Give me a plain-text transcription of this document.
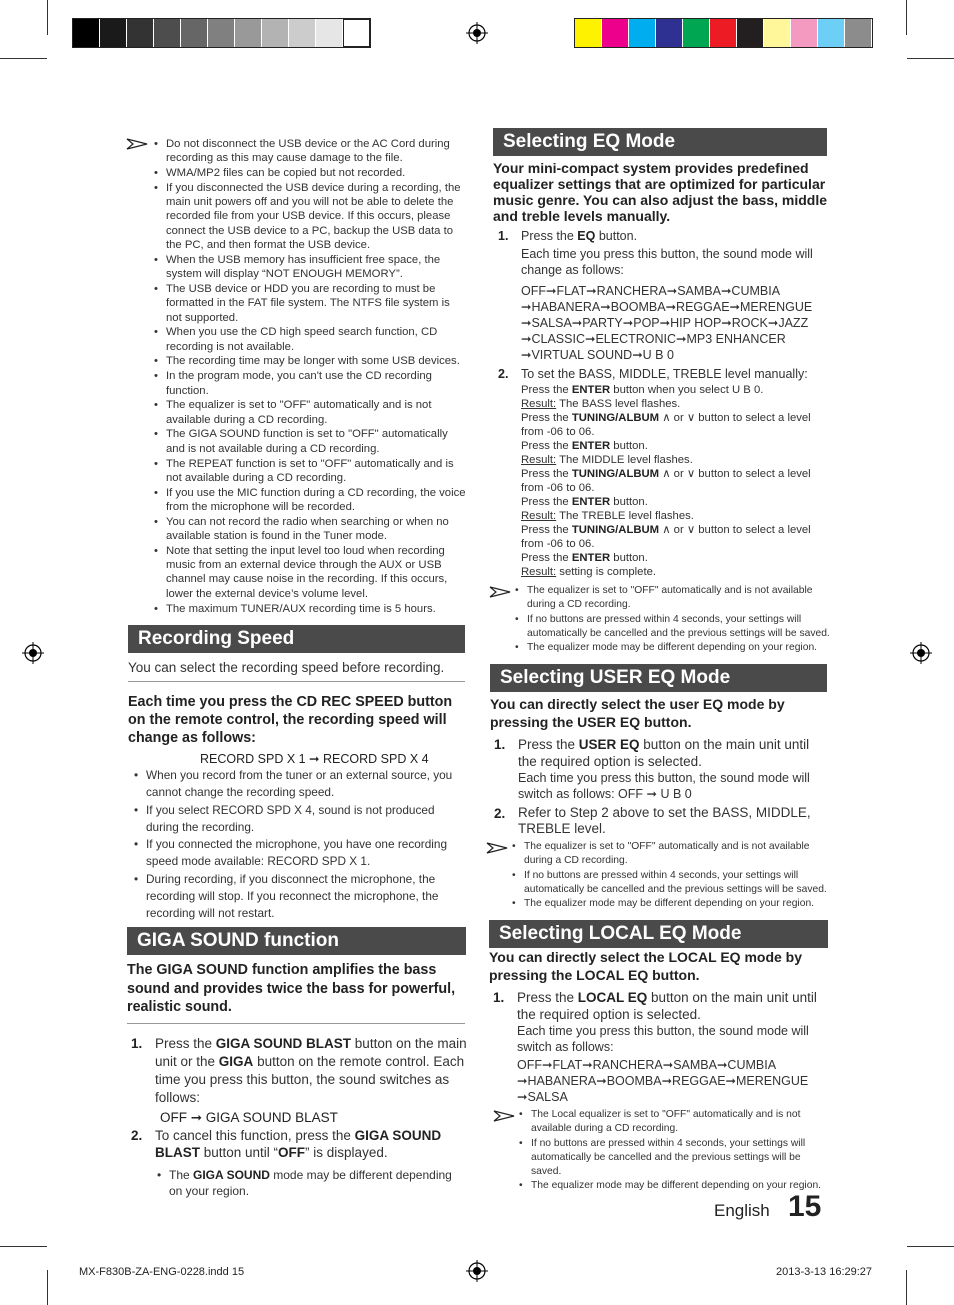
• Do not disconnect the USB device or the AC Cord during recording as this may cause damage to the file.
• WMA/MP2 files can be copied but not recorded.
• If you disconnected the USB device during a recording, the main unit powers off and you will not be able to delete the recorded file from your USB device. If this occurs, please connect the USB device to a PC, backup the USB data to the PC, and then format the USB device.
• When the USB memory has insufficient free space, the system will display “NOT ENOUGH MEMORY”.
• The USB device or HDD you are recording to must be formatted in the FAT file system. The NTFS file system is not supported.
• When you use the CD high speed search function, CD recording is not available.
• The recording time may be longer with some USB devices.
• In the program mode, you can't use the CD recording function.
• The equalizer is set to "OFF" automatically and is not available during a CD recording.
• The GIGA SOUND function is set to "OFF" automatically and is not available during a CD recording.
• The REPEAT function is set to "OFF" automatically and is not available during a CD recording.
• If you use the MIC function during a CD recording, the voice from the microphone will be recorded.
• You can not record the radio when searching or when no available station is found in the Tuner mode.
• Note that setting the input level too loud when recording music from an external device through the AUX or USB channel may cause noise in the recording. If this occurs, lower the external device’s volume level.
• The maximum TUNER/AUX recording time is 5 hours.
Recording Speed
You can select the recording speed before recording.
Each time you press the CD REC SPEED button on the remote control, the recording speed will change as follows:
RECORD SPD X 1 ➞ RECORD SPD X 4
• When you record from the tuner or an external source, you cannot change the recording speed.
• If you select RECORD SPD X 4, sound is not produced during the recording.
• If you connected the microphone, you have one recording speed mode available: RECORD SPD X 1.
• During recording, if you disconnect the microphone, the recording will stop. If you reconnect the microphone, the recording will not restart.
GIGA SOUND function
The GIGA SOUND function amplifies the bass sound and provides twice the bass for powerful, realistic sound.
1. Press the GIGA SOUND BLAST button on the main unit or the GIGA button on the remote control. Each time you press this button, the sound switches as follows:
OFF ➞ GIGA SOUND BLAST
2. To cancel this function, press the GIGA SOUND BLAST button until “OFF” is displayed.
• The GIGA SOUND mode may be different depending on your region.
Selecting EQ Mode
Your mini-compact system provides predefined equalizer settings that are optimized for particular music genre. You can also adjust the bass, middle and treble levels manually.
1. Press the EQ button.
Each time you press this button, the sound mode will change as follows:
OFF➞FLAT➞RANCHERA➞SAMBA➞CUMBIA
➞HABANERA➞BOOMBA➞REGGAE➞MERENGUE
➞SALSA➞PARTY➞POP➞HIP HOP➞ROCK➞JAZZ
➞CLASSIC➞ELECTRONIC➞MP3 ENHANCER
➞VIRTUAL SOUND➞U B 0
2. To set the BASS, MIDDLE, TREBLE level manually:
Press the ENTER button when you select U B 0.
Result: The BASS level flashes.
Press the TUNING/ALBUM ∧ or ∨ button to select a level
from -06 to 06.
Press the ENTER button.
Result: The MIDDLE level flashes.
Press the TUNING/ALBUM ∧ or ∨ button to select a level
from -06 to 06.
Press the ENTER button.
Result: The TREBLE level flashes.
Press the TUNING/ALBUM ∧ or ∨ button to select a level
from -06 to 06.
Press the ENTER button.
Result: setting is complete.
• The equalizer is set to "OFF" automatically and is not available during a CD recording.
• If no buttons are pressed within 4 seconds, your settings will automatically be cancelled and the previous settings will be saved.
• The equalizer mode may be different depending on your region.
Selecting USER EQ Mode
You can directly select the user EQ mode by pressing the USER EQ button.
1. Press the USER EQ button on the main unit until the required option is selected.
Each time you press this button, the sound mode will switch as follows: OFF ➞ U B 0
2. Refer to Step 2 above to set the BASS, MIDDLE, TREBLE level.
• The equalizer is set to "OFF" automatically and is not available during a CD recording.
• If no buttons are pressed within 4 seconds, your settings will automatically be cancelled and the previous settings will be saved.
• The equalizer mode may be different depending on your region.
Selecting LOCAL EQ Mode
You can directly select the LOCAL EQ mode by pressing the LOCAL EQ button.
1. Press the LOCAL EQ button on the main unit until the required option is selected.
Each time you press this button, the sound mode will switch as follows:
OFF➞FLAT➞RANCHERA➞SAMBA➞CUMBIA
➞HABANERA➞BOOMBA➞REGGAE➞MERENGUE
➞SALSA
• The Local equalizer is set to "OFF" automatically and is not available during a CD recording.
• If no buttons are pressed within 4 seconds, your settings will automatically be cancelled and the previous settings will be saved.
• The equalizer mode may be different depending on your region.
English 15
MX-F830B-ZA-ENG-0228.indd 15	2013-3-13 16:29:27
